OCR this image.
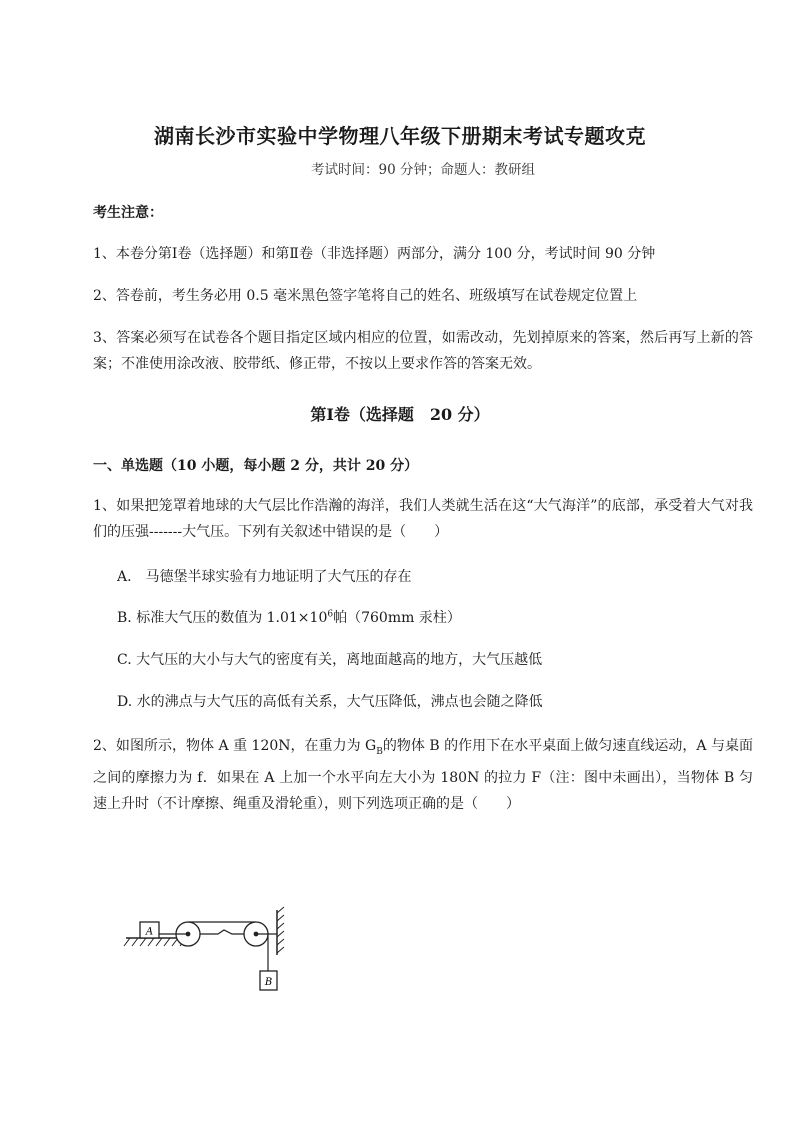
湖南长沙市实验中学物理八年级下册期末考试专题攻克
考试时间：90 分钟；命题人：教研组
考生注意：
1、本卷分第Ⅰ卷（选择题）和第Ⅱ卷（非选择题）两部分，满分 100 分，考试时间 90 分钟
2、答卷前，考生务必用 0.5 毫米黑色签字笔将自己的姓名、班级填写在试卷规定位置上
3、答案必须写在试卷各个题目指定区域内相应的位置，如需改动，先划掉原来的答案，然后再写上新的答案；不准使用涂改液、胶带纸、修正带，不按以上要求作答的答案无效。
第Ⅰ卷（选择题　20 分）
一、单选题（10 小题，每小题 2 分，共计 20 分）
1、如果把笼罩着地球的大气层比作浩瀚的海洋，我们人类就生活在这“大气海洋”的底部，承受着大气对我们的压强-------大气压。下列有关叙述中错误的是（　　）
A.　马德堡半球实验有力地证明了大气压的存在
B. 标准大气压的数值为 $1.01\times 10^6$帕（760mm 汞柱）
C. 大气压的大小与大气的密度有关，离地面越高的地方，大气压越低
D. 水的沸点与大气压的高低有关系，大气压降低，沸点也会随之降低
2、如图所示，物体 A 重 120N，在重力为 $G_B$的物体 B 的作用下在水平桌面上做匀速直线运动，A 与桌面之间的摩擦力为 f．如果在 A 上加一个水平向左大小为 180N 的拉力 F（注：图中未画出），当物体 B 匀速上升时（不计摩擦、绳重及滑轮重），则下列选项正确的是（　　）
A
B
